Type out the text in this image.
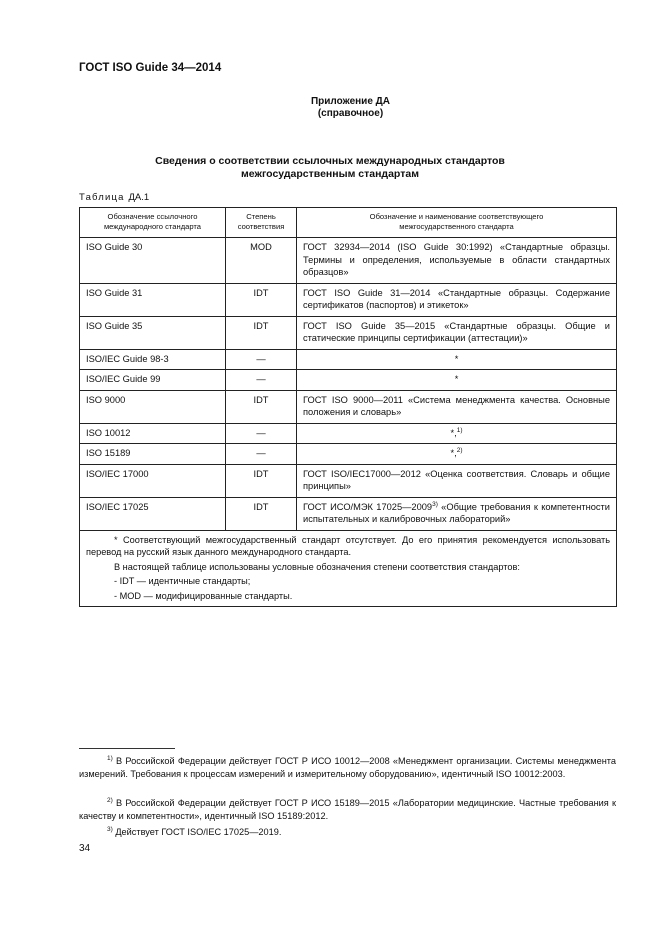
ГОСТ ISO Guide 34—2014
Приложение ДА
(справочное)
Сведения о соответствии ссылочных международных стандартов
межгосударственным стандартам
Таблица ДА.1
Обозначение ссылочного международного стандарта	Степень соответствия	Обозначение и наименование соответствующего межгосударственного стандарта
ISO Guide 30	MOD	ГОСТ 32934—2014 (ISO Guide 30:1992) «Стандартные образцы. Термины и определения, используемые в области стандартных образцов»
ISO Guide 31	IDT	ГОСТ ISO Guide 31—2014 «Стандартные образцы. Содержание сертификатов (паспортов) и этикеток»
ISO Guide 35	IDT	ГОСТ ISO Guide 35—2015 «Стандартные образцы. Общие и статические принципы сертификации (аттестации)»
ISO/IEC Guide 98-3	—	*
ISO/IEC Guide 99	—	*
ISO 9000	IDT	ГОСТ ISO 9000—2011 «Система менеджмента качества. Основные положения и словарь»
ISO 10012	—	*,$^{1)}$
ISO 15189	—	*,$^{2)}$
ISO/IEC 17000	IDT	ГОСТ ISO/IEC17000—2012 «Оценка соответствия. Словарь и общие принципы»
ISO/IEC 17025	IDT	ГОСТ ИСО/МЭК 17025—2009$^{3)}$ «Общие требования к компетентности испытательных и калибровочных лабораторий»

* Соответствующий межгосударственный стандарт отсутствует. До его принятия рекомендуется использовать перевод на русский язык данного международного стандарта.
В настоящей таблице использованы условные обозначения степени соответствия стандартов:
- IDT — идентичные стандарты;
- MOD — модифицированные стандарты.		
$^{1)}$ В Российской Федерации действует ГОСТ Р ИСО 10012—2008 «Менеджмент организации. Системы менеджмента измерений. Требования к процессам измерений и измерительному оборудованию», идентичный ISO 10012:2003.
$^{2)}$ В Российской Федерации действует ГОСТ Р ИСО 15189—2015 «Лаборатории медицинские. Частные требования к качеству и компетентности», идентичный ISO 15189:2012.
$^{3)}$ Действует ГОСТ ISO/IEC 17025—2019.
34
